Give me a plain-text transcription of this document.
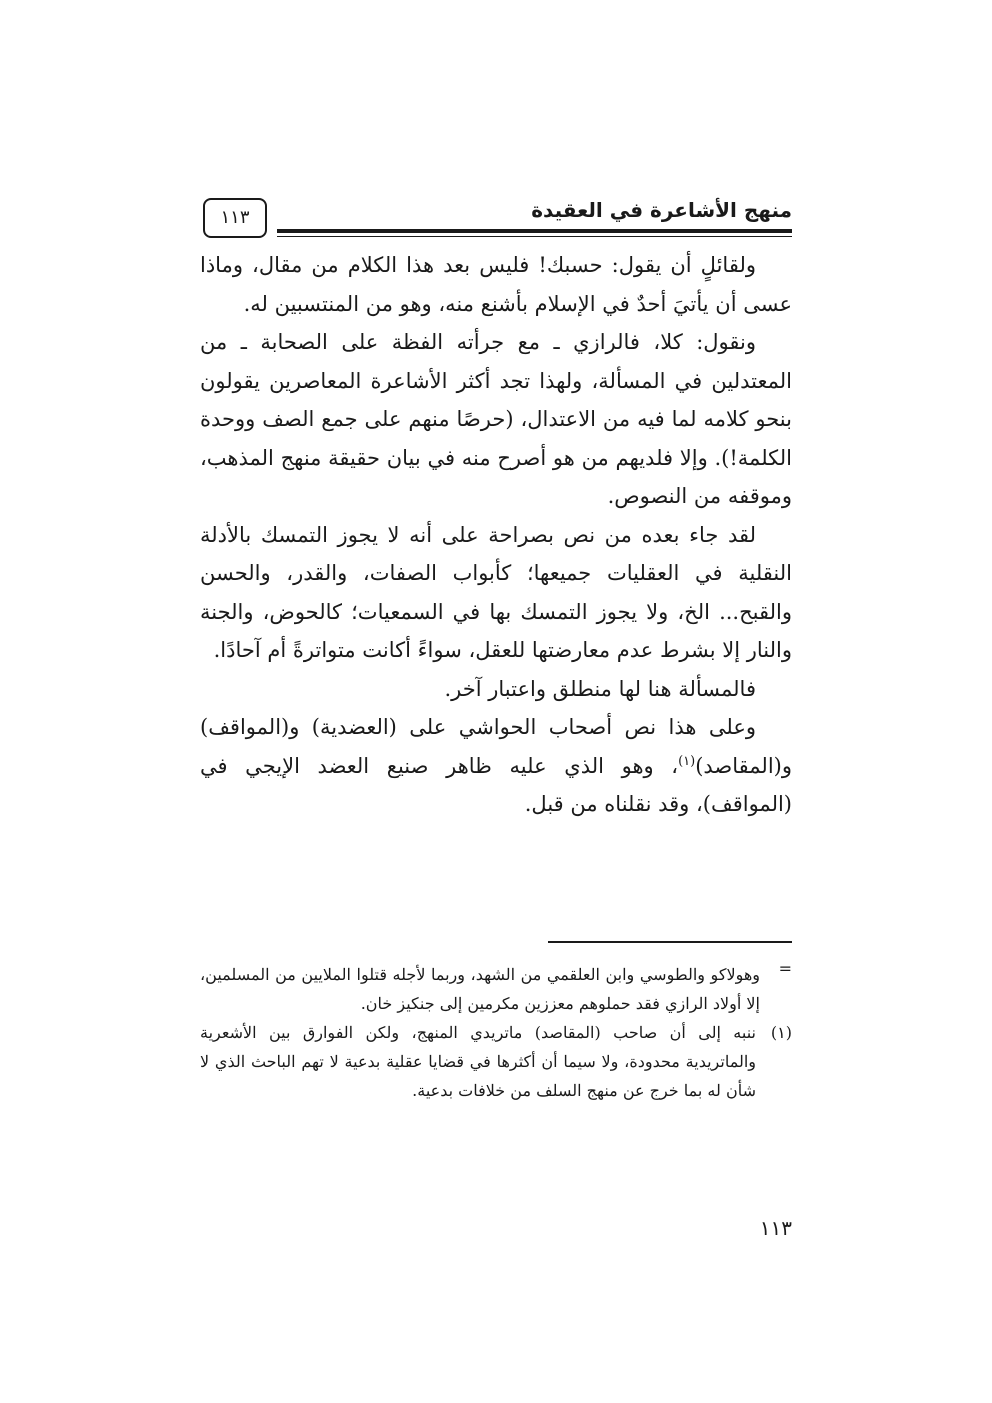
منهج الأشاعرة في العقيدة
١١٣

ولقائلٍ أن يقول: حسبك! فليس بعد هذا الكلام من مقال، وماذا عسى أن يأتيَ أحدٌ في الإسلام بأشنع منه، وهو من المنتسبين له.

ونقول: كلا، فالرازي ـ مع جرأته الفظة على الصحابة ـ من المعتدلين في المسألة، ولهذا تجد أكثر الأشاعرة المعاصرين يقولون بنحو كلامه لما فيه من الاعتدال، (حرصًا منهم على جمع الصف ووحدة الكلمة!). وإلا فلديهم من هو أصرح منه في بيان حقيقة منهج المذهب، وموقفه من النصوص.

لقد جاء بعده من نص بصراحة على أنه لا يجوز التمسك بالأدلة النقلية في العقليات جميعها؛ كأبواب الصفات، والقدر، والحسن والقبح... الخ، ولا يجوز التمسك بها في السمعيات؛ كالحوض، والجنة والنار إلا بشرط عدم معارضتها للعقل، سواءً أكانت متواترةً أم آحادًا.

فالمسألة هنا لها منطلق واعتبار آخر.

وعلى هذا نص أصحاب الحواشي على (العضدية) و(المواقف) و(المقاصد)$^{(١)}$، وهو الذي عليه ظاهر صنيع العضد الإيجي في (المواقف)، وقد نقلناه من قبل.

=
وهولاكو والطوسي وابن العلقمي من الشهد، وربما لأجله قتلوا الملايين من المسلمين، إلا أولاد الرازي فقد حملوهم معززين مكرمين إلى جنكيز خان.
(١)
ننبه إلى أن صاحب (المقاصد) ماتريدي المنهج، ولكن الفوارق بين الأشعرية والماتريدية محدودة، ولا سيما أن أكثرها في قضايا عقلية بدعية لا تهم الباحث الذي لا شأن له بما خرج عن منهج السلف من خلافات بدعية.
١١٣
